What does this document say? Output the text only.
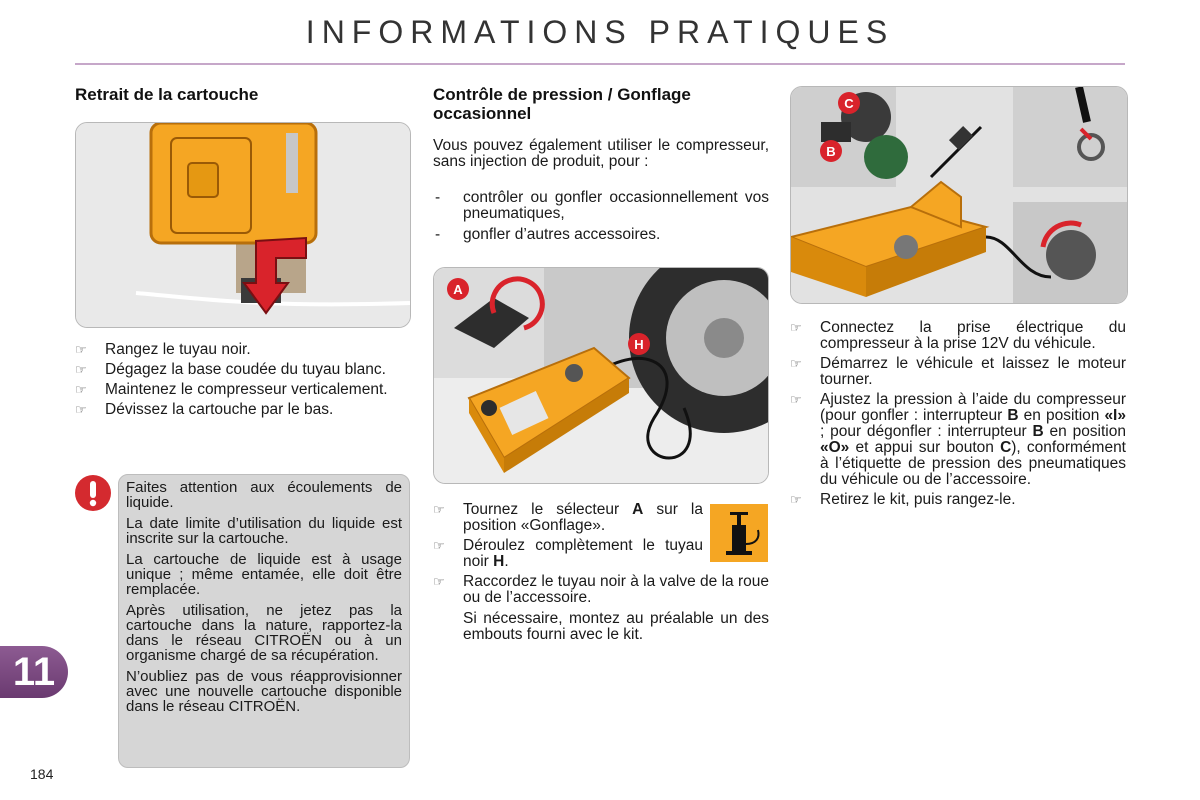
INFORMATIONS PRATIQUES
Retrait de la cartouche
☞ Rangez le tuyau noir.
☞ Dégagez la base coudée du tuyau blanc.
☞ Maintenez le compresseur verticalement.
☞ Dévissez la cartouche par le bas.

Faites attention aux écoulements de liquide.

La date limite d’utilisation du liquide est inscrite sur la cartouche.

La cartouche de liquide est à usage unique ; même entamée, elle doit être remplacée.

Après utilisation, ne jetez pas la cartouche dans la nature, rapportez-la dans le réseau CITROËN ou à un organisme chargé de sa récupération.

N’oubliez pas de vous réapprovisionner avec une nouvelle cartouche disponible dans le réseau CITROËN.

Contrôle de pression / Gonflage occasionnel
Vous pouvez également utiliser le compresseur, sans injection de produit, pour :
- contrôler ou gonfler occasionnellement vos pneumatiques,
- gonfler d’autres accessoires.
A
H
☞ Tournez le sélecteur A sur la position «Gonflage».
☞ Déroulez complètement le tuyau noir H.
☞ Raccordez le tuyau noir à la valve de la roue ou de l’accessoire.
Si nécessaire, montez au préalable un des embouts fourni avec le kit.
C
B
☞ Connectez la prise électrique du compresseur à la prise 12V du véhicule.
☞ Démarrez le véhicule et laissez le moteur tourner.
☞ Ajustez la pression à l’aide du compresseur (pour gonfler : interrupteur B en position «I» ; pour dégonfler : interrupteur B en position «O» et appui sur bouton C), conformément à l’étiquette de pression des pneumatiques du véhicule ou de l’accessoire.
☞ Retirez le kit, puis rangez-le.
11
184
